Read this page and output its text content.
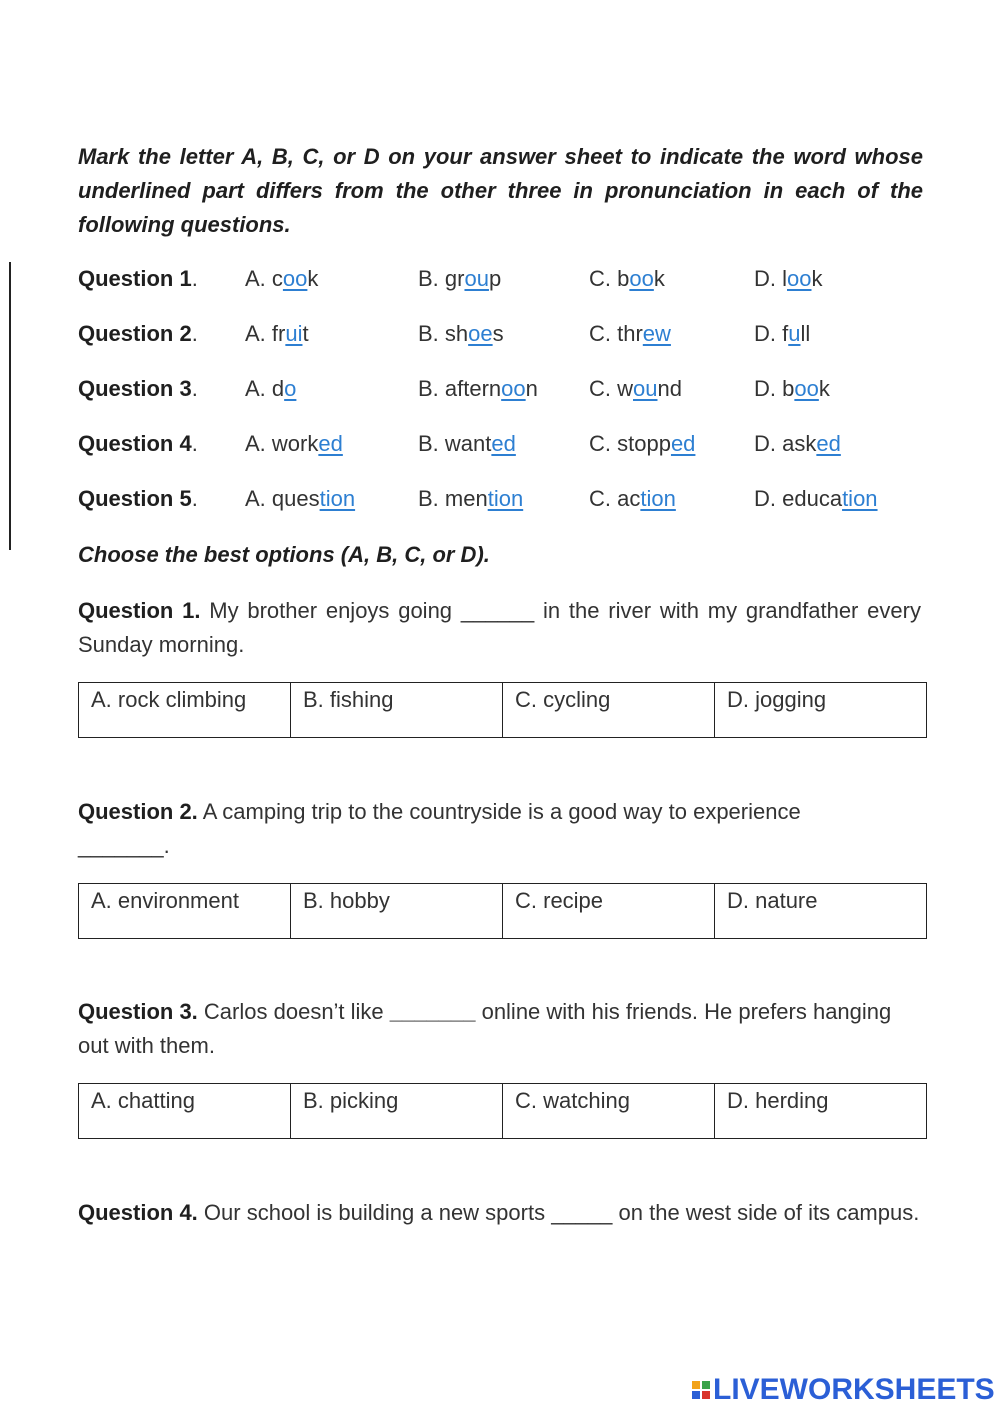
Mark the letter A, B, C, or D on your answer sheet to indicate the word whose underlined part differs from the other three in pronunciation in each of the following questions.
Question 1. A. cook	B. group	C. book	D. look
Question 2. A. fruit	B. shoes	C. threw	D. full
Question 3. A. do	B. afternoon C. wound	D. book
Question 4. A. worked	B. wanted	C. stopped	D. asked
Question 5. A. question	B. mention	C. action	D. education
Choose the best options (A, B, C, or D).
Question 1. My brother enjoys going ______ in the river with my grandfather every Sunday morning.
A. rock climbing	B. fishing	C. cycling	D. jogging
Question 2. A camping trip to the countryside is a good way to experience
_______.
A. environment	B. hobby	C. recipe	D. nature
Question 3. Carlos doesn’t like _______ online with his friends. He prefers hanging out with them.
A. chatting	B. picking	C. watching	D. herding
Question 4. Our school is building a new sports _____ on the west side of its campus.
LIVEWORKSHEETS
